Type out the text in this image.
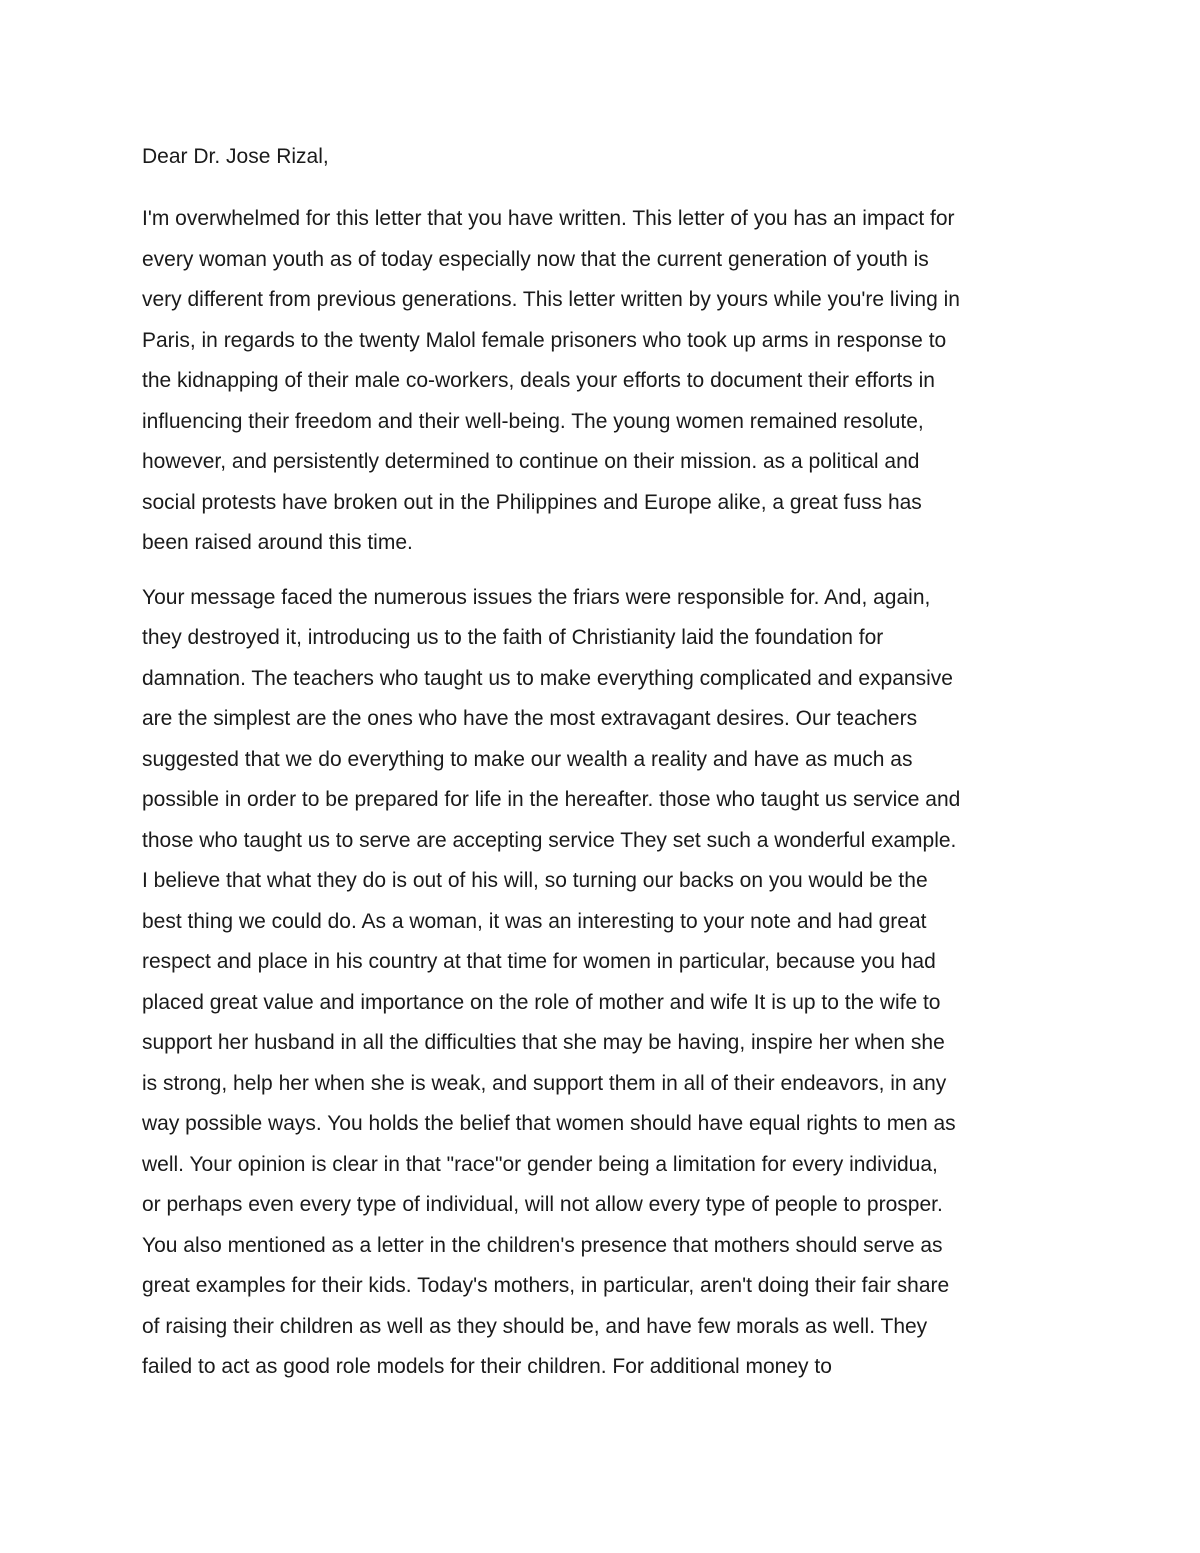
Dear Dr. Jose Rizal,
I'm overwhelmed for this letter that you have written. This letter of you has an impact for
every woman youth as of today especially now that the current generation of youth is
very different from previous generations. This letter written by yours while you're living in
Paris, in regards to the twenty Malol female prisoners who took up arms in response to
the kidnapping of their male co-workers, deals your efforts to document their efforts in
influencing their freedom and their well-being. The young women remained resolute,
however, and persistently determined to continue on their mission. as a political and
social protests have broken out in the Philippines and Europe alike, a great fuss has
been raised around this time.
Your message faced the numerous issues the friars were responsible for. And, again,
they destroyed it, introducing us to the faith of Christianity laid the foundation for
damnation. The teachers who taught us to make everything complicated and expansive
are the simplest are the ones who have the most extravagant desires. Our teachers
suggested that we do everything to make our wealth a reality and have as much as
possible in order to be prepared for life in the hereafter. those who taught us service and
those who taught us to serve are accepting service They set such a wonderful example.
I believe that what they do is out of his will, so turning our backs on you would be the
best thing we could do. As a woman, it was an interesting to your note and had great
respect and place in his country at that time for women in particular, because you had
placed great value and importance on the role of mother and wife It is up to the wife to
support her husband in all the difficulties that she may be having, inspire her when she
is strong, help her when she is weak, and support them in all of their endeavors, in any
way possible ways. You holds the belief that women should have equal rights to men as
well. Your opinion is clear in that "race"or gender being a limitation for every individua,
or perhaps even every type of individual, will not allow every type of people to prosper.
You also mentioned as a letter in the children's presence that mothers should serve as
great examples for their kids. Today's mothers, in particular, aren't doing their fair share
of raising their children as well as they should be, and have few morals as well. They
failed to act as good role models for their children. For additional money to
